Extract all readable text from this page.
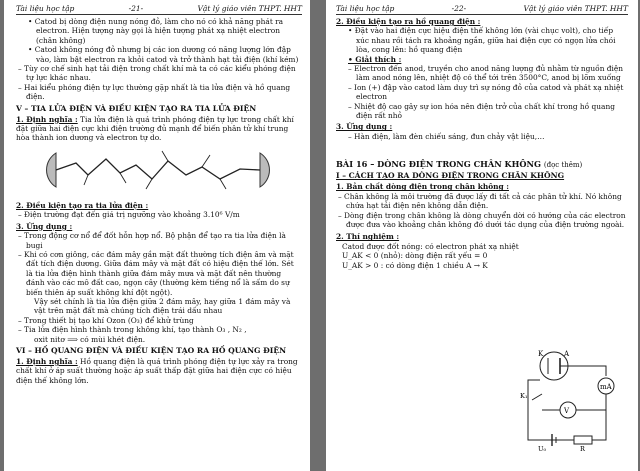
Tài liệu học tập	-21-	Vật lý giáo viên THPT. HHT

• Catod bị dòng điện nung nóng đỏ, làm cho nó có khả năng phát ra electron. Hiện tượng này gọi là hiện tượng phát xạ nhiệt electron (chân không)

• Catod không nóng đỏ nhưng bị các ion dương có năng lượng lớn đập vào, làm bật electron ra khỏi catod và trở thành hạt tải điện (khí kém)

– Tùy cơ chế sinh hạt tải điện trong chất khí mà ta có các kiểu phóng điện tự lực khác nhau.

– Hai kiểu phóng điện tự lực thường gặp nhất là tia lửa điện và hồ quang điện.

V – TIA LỬA ĐIỆN VÀ ĐIỀU KIỆN TẠO RA TIA LỬA ĐIỆN

1. Định nghĩa : Tia lửa điện là quá trình phóng điện tự lực trong chất khí đặt giữa hai điện cực khi điện trường đủ mạnh để biến phân tử khí trung hòa thành ion dương và electron tự do.

2. Điều kiện tạo ra tia lửa điện :

– Điện trường đạt đến giá trị ngưỡng vào khoảng 3.10⁶ V/m

3. Ứng dụng :

– Trong động cơ nổ để đốt hỗn hợp nổ. Bộ phận để tạo ra tia lửa điện là bugi

– Khi có cơn giông, các đám mây gần mặt đất thường tích điện âm và mặt đất tích điện dương. Giữa đám mây và mặt đất có hiệu điện thế lớn. Sét là tia lửa điện hình thành giữa đám mây mưa và mặt đất nên thường đánh vào các mô đất cao, ngọn cây (thường kèm tiếng nổ là sấm do sự biến thiên áp suất không khí đột ngột).

Vậy sét chính là tia lửa điện giữa 2 đám mây, hay giữa 1 đám mây và vật trên mặt đất mà chúng tích điện trái dấu nhau

– Trong thiết bị tạo khí Ozon (O₃) để khử trùng

– Tia lửa điện hình thành trong không khí, tạo thành O₃ , N₂ ,

oxit nitơ ⟹ có mùi khét điện.

VI – HỒ QUANG ĐIỆN VÀ ĐIỀU KIỆN TẠO RA HỒ QUANG ĐIỆN

1. Định nghĩa : Hồ quang điện là quá trình phóng điện tự lực xảy ra trong chất khí ở áp suất thường hoặc áp suất thấp đặt giữa hai điện cực có hiệu điện thế không lớn.

Tài liệu học tập	-22-	Vật lý giáo viên THPT. HHT

2. Điều kiện tạo ra hồ quang điện :

• Đặt vào hai điện cực hiệu điện thế không lớn (vài chục volt), cho tiếp xúc nhau rồi tách ra khoảng ngắn, giữa hai điện cực có ngọn lửa chói lòa, cong lên: hồ quang điện

• Giải thích :

– Electron đến anod, truyền cho anod năng lượng đủ nhằm từ nguồn điện làm anod nóng lên, nhiệt độ có thể tới trên 3500°C, anod bị lõm xuống

– Ion (+) đập vào catod làm duy trì sự nóng đỏ của catod và phát xạ nhiệt electron

– Nhiệt độ cao gây sự ion hóa nên điện trở của chất khí trong hồ quang điện rất nhỏ

3. Ứng dụng :

– Hàn điện, làm đèn chiếu sáng, đun chảy vật liệu,…

BÀI 16 – DÒNG ĐIỆN TRONG CHÂN KHÔNG (đọc thêm)

I – CÁCH TẠO RA DÒNG ĐIỆN TRONG CHÂN KHÔNG

1. Bản chất dòng điện trong chân không :

– Chân không là môi trường đã được lấy đi tất cả các phân tử khí. Nó không chứa hạt tải điện nên không dẫn điện.

– Dòng điện trong chân không là dòng chuyển dời có hướng của các electron được đưa vào khoảng chân không đó dưới tác dụng của điện trường ngoài.

2. Thí nghiệm :

Catod được đốt nóng: có electron phát xạ nhiệt

U_AK < 0 (nhỏ): dòng điện rất yếu = 0

U_AK > 0 : có dòng điện 1 chiều A → K

A
K
mA
V
K₁
R
U₀
